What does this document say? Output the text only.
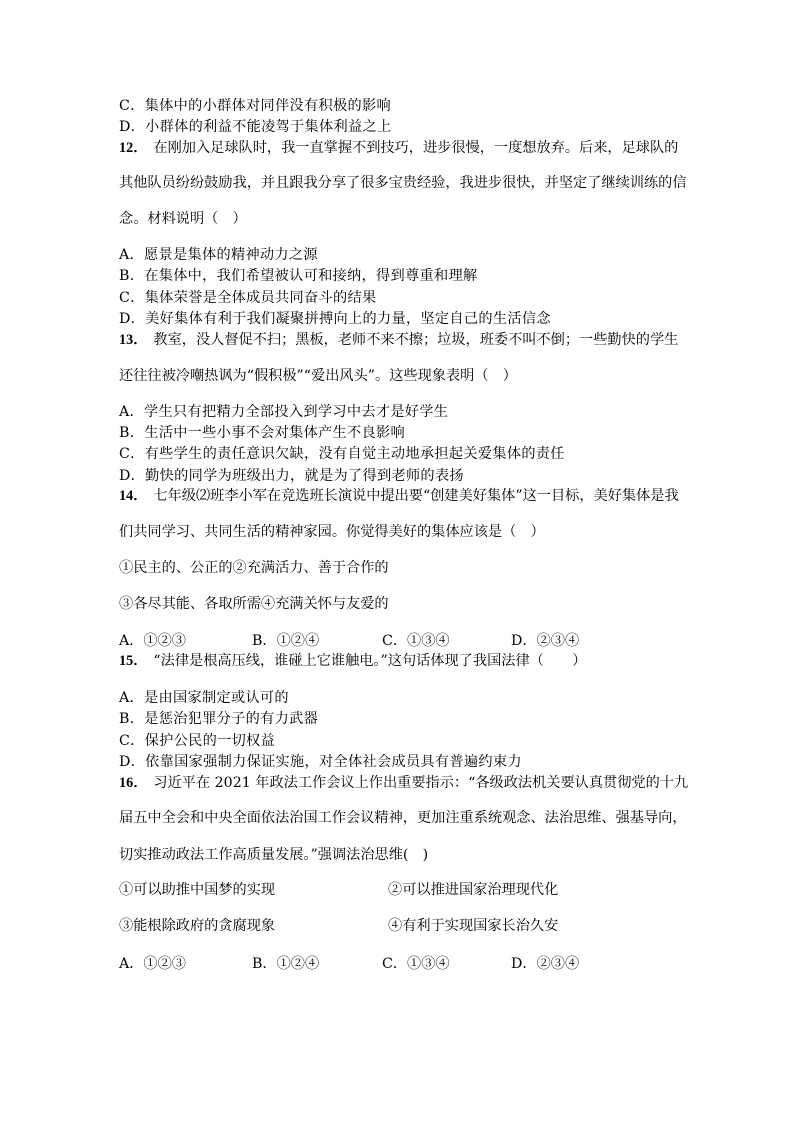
C．集体中的小群体对同伴没有积极的影响
D．小群体的利益不能凌驾于集体利益之上
12． 在刚加入足球队时，我一直掌握不到技巧，进步很慢，一度想放弃。后来，足球队的
其他队员纷纷鼓励我，并且跟我分享了很多宝贵经验，我进步很快，并坚定了继续训练的信
念。材料说明（　）
A．愿景是集体的精神动力之源
B．在集体中，我们希望被认可和接纳，得到尊重和理解
C．集体荣誉是全体成员共同奋斗的结果
D．美好集体有利于我们凝聚拼搏向上的力量，坚定自己的生活信念
13． 教室，没人督促不扫；黑板，老师不来不擦；垃圾，班委不叫不倒；一些勤快的学生
还往往被冷嘲热讽为“假积极”“爱出风头”。这些现象表明（　）
A．学生只有把精力全部投入到学习中去才是好学生
B．生活中一些小事不会对集体产生不良影响
C．有些学生的责任意识欠缺，没有自觉主动地承担起关爱集体的责任
D．勤快的同学为班级出力，就是为了得到老师的表扬
14． 七年级⑵班李小军在竞选班长演说中提出要“创建美好集体”这一目标，美好集体是我
们共同学习、共同生活的精神家园。你觉得美好的集体应该是（　）
①民主的、公正的②充满活力、善于合作的
③各尽其能、各取所需④充满关怀与友爱的
A．①②③	B．①②④	C．①③④	D．②③④
15． “法律是根高压线，谁碰上它谁触电。”这句话体现了我国法律（　　）
A．是由国家制定或认可的
B．是惩治犯罪分子的有力武器
C．保护公民的一切权益
D．依靠国家强制力保证实施，对全体社会成员具有普遍约束力
16． 习近平在 2021 年政法工作会议上作出重要指示：“各级政法机关要认真贯彻党的十九
届五中全会和中央全面依法治国工作会议精神，更加注重系统观念、法治思维、强基导向，
切实推动政法工作高质量发展。”强调法治思维(　)
①可以助推中国梦的实现	②可以推进国家治理现代化
③能根除政府的贪腐现象	④有利于实现国家长治久安
A．①②③	B．①②④	C．①③④	D．②③④
